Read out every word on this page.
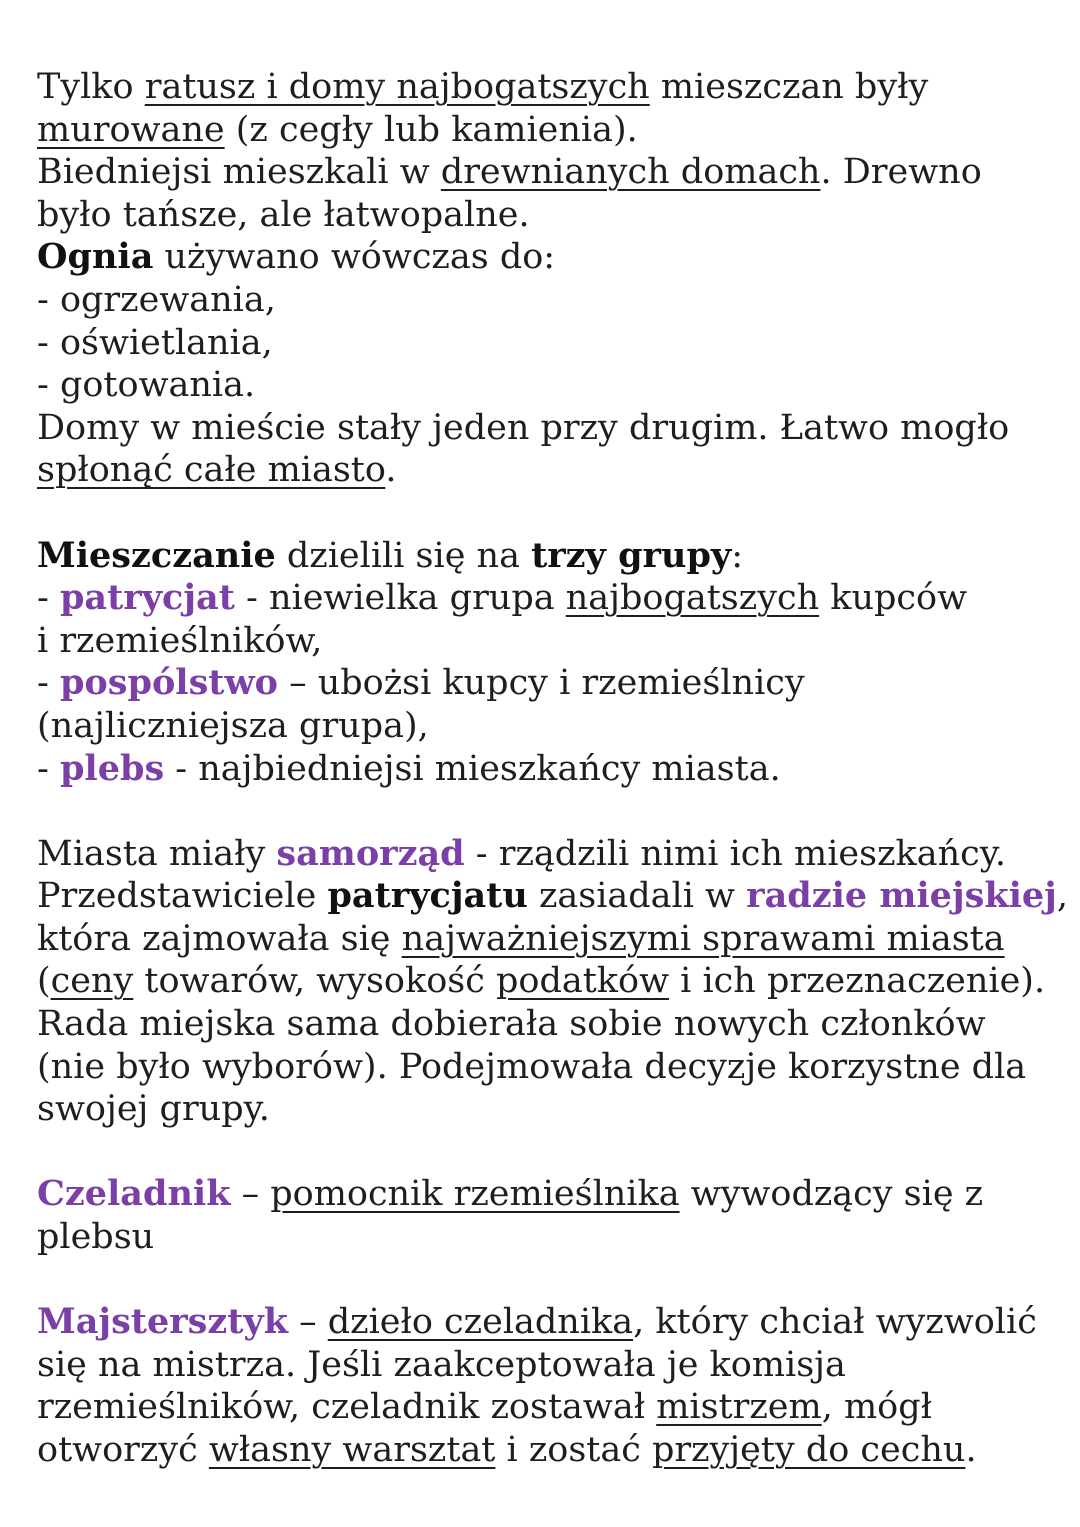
Tylko ratusz i domy najbogatszych mieszczan były
murowane (z cegły lub kamienia).
Biedniejsi mieszkali w drewnianych domach. Drewno
było tańsze, ale łatwopalne.
Ognia używano wówczas do:
- ogrzewania,
- oświetlania,
- gotowania.
Domy w mieście stały jeden przy drugim. Łatwo mogło
spłonąć całe miasto.
Mieszczanie dzielili się na trzy grupy:
- patrycjat - niewielka grupa najbogatszych kupców
i rzemieślników,
- pospólstwo – ubożsi kupcy i rzemieślnicy
(najliczniejsza grupa),
- plebs - najbiedniejsi mieszkańcy miasta.
Miasta miały samorząd - rządzili nimi ich mieszkańcy.
Przedstawiciele patrycjatu zasiadali w radzie miejskiej,
która zajmowała się najważniejszymi sprawami miasta
(ceny towarów, wysokość podatków i ich przeznaczenie).
Rada miejska sama dobierała sobie nowych członków
(nie było wyborów). Podejmowała decyzje korzystne dla
swojej grupy.
Czeladnik – pomocnik rzemieślnika wywodzący się z
plebsu
Majstersztyk – dzieło czeladnika, który chciał wyzwolić
się na mistrza. Jeśli zaakceptowała je komisja
rzemieślników, czeladnik zostawał mistrzem, mógł
otworzyć własny warsztat i zostać przyjęty do cechu.
